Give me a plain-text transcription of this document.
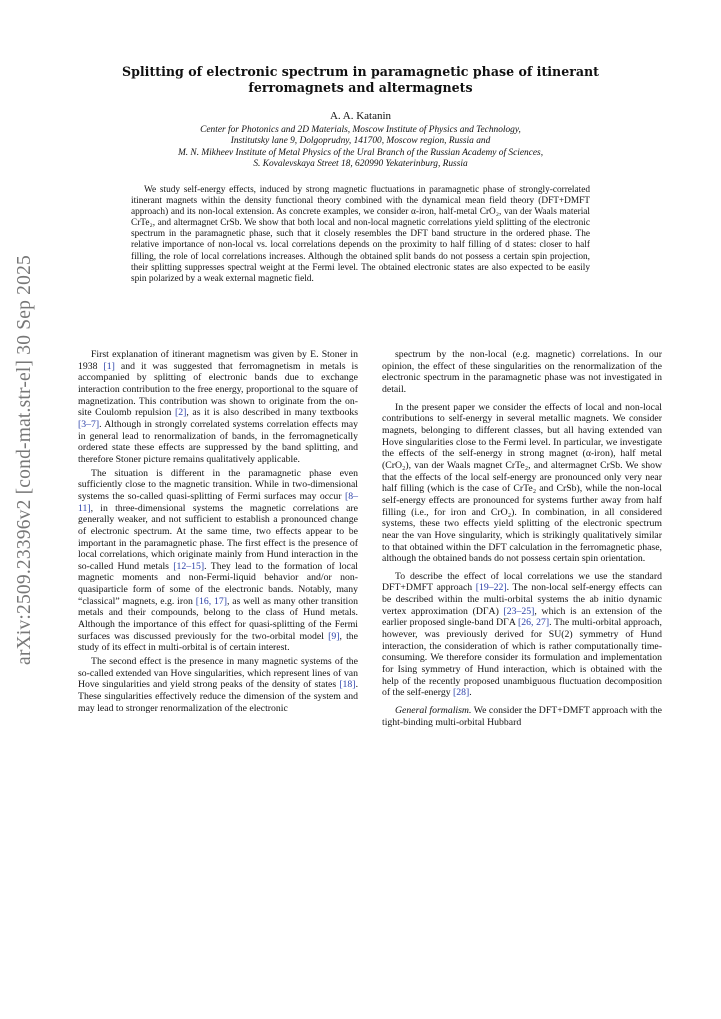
arXiv:2509.23396v2 [cond-mat.str-el] 30 Sep 2025
Splitting of electronic spectrum in paramagnetic phase of itinerant ferromagnets and altermagnets
A. A. Katanin
Center for Photonics and 2D Materials, Moscow Institute of Physics and Technology,
Institutsky lane 9, Dolgoprudny, 141700, Moscow region, Russia and
M. N. Mikheev Institute of Metal Physics of the Ural Branch of the Russian Academy of Sciences,
S. Kovalevskaya Street 18, 620990 Yekaterinburg, Russia

We study self-energy effects, induced by strong magnetic fluctuations in paramagnetic phase of strongly-correlated itinerant magnets within the density functional theory combined with the dynamical mean field theory (DFT+DMFT approach) and its non-local extension. As concrete examples, we consider α-iron, half-metal CrO₂, van der Waals material CrTe₂, and altermagnet CrSb. We show that both local and non-local magnetic correlations yield splitting of the electronic spectrum in the paramagnetic phase, such that it closely resembles the DFT band structure in the ordered phase. The relative importance of non-local vs. local correlations depends on the proximity to half filling of d states: closer to half filling, the role of local correlations increases. Although the obtained split bands do not possess a certain spin projection, their splitting suppresses spectral weight at the Fermi level. The obtained electronic states are also expected to be easily spin polarized by a weak external magnetic field.

First explanation of itinerant magnetism was given by E. Stoner in 1938 [1] and it was suggested that ferromagnetism in metals is accompanied by splitting of electronic bands due to exchange interaction contribution to the free energy, proportional to the square of magnetization. This contribution was shown to originate from the on-site Coulomb repulsion [2], as it is also described in many textbooks [3–7]. Although in strongly correlated systems correlation effects may in general lead to renormalization of bands, in the ferromagnetically ordered state these effects are suppressed by the band splitting, and therefore Stoner picture remains qualitatively applicable.

The situation is different in the paramagnetic phase even sufficiently close to the magnetic transition. While in two-dimensional systems the so-called quasi-splitting of Fermi surfaces may occur [8–11], in three-dimensional systems the magnetic correlations are generally weaker, and not sufficient to establish a pronounced change of electronic spectrum. At the same time, two effects appear to be important in the paramagnetic phase. The first effect is the presence of local correlations, which originate mainly from Hund interaction in the so-called Hund metals [12–15]. They lead to the formation of local magnetic moments and non-Fermi-liquid behavior and/or non-quasiparticle form of some of the electronic bands. Notably, many “classical” magnets, e.g. iron [16, 17], as well as many other transition metals and their compounds, belong to the class of Hund metals. Although the importance of this effect for quasi-splitting of the Fermi surfaces was discussed previously for the two-orbital model [9], the study of its effect in multi-orbital is of certain interest.

The second effect is the presence in many magnetic systems of the so-called extended van Hove singularities, which represent lines of van Hove singularities and yield strong peaks of the density of states [18]. These singularities effectively reduce the dimension of the system and may lead to stronger renormalization of the electronic

spectrum by the non-local (e.g. magnetic) correlations. In our opinion, the effect of these singularities on the renormalization of the electronic spectrum in the paramagnetic phase was not investigated in detail.

In the present paper we consider the effects of local and non-local contributions to self-energy in several metallic magnets. We consider magnets, belonging to different classes, but all having extended van Hove singularities close to the Fermi level. In particular, we investigate the effects of the self-energy in strong magnet (α-iron), half metal (CrO₂), van der Waals magnet CrTe₂, and altermagnet CrSb. We show that the effects of the local self-energy are pronounced only very near half filling (which is the case of CrTe₂ and CrSb), while the non-local self-energy effects are pronounced for systems further away from half filling (i.e., for iron and CrO₂). In combination, in all considered systems, these two effects yield splitting of the electronic spectrum near the van Hove singularity, which is strikingly qualitatively similar to that obtained within the DFT calculation in the ferromagnetic phase, although the obtained bands do not possess certain spin orientation.

To describe the effect of local correlations we use the standard DFT+DMFT approach [19–22]. The non-local self-energy effects can be described within the multi-orbital systems the ab initio dynamic vertex approximation (DΓA) [23–25], which is an extension of the earlier proposed single-band DΓA [26, 27]. The multi-orbital approach, however, was previously derived for SU(2) symmetry of Hund interaction, the consideration of which is rather computationally time-consuming. We therefore consider its formulation and implementation for Ising symmetry of Hund interaction, which is obtained with the help of the recently proposed unambiguous fluctuation decomposition of the self-energy [28].

General formalism. We consider the DFT+DMFT approach with the tight-binding multi-orbital Hubbard
